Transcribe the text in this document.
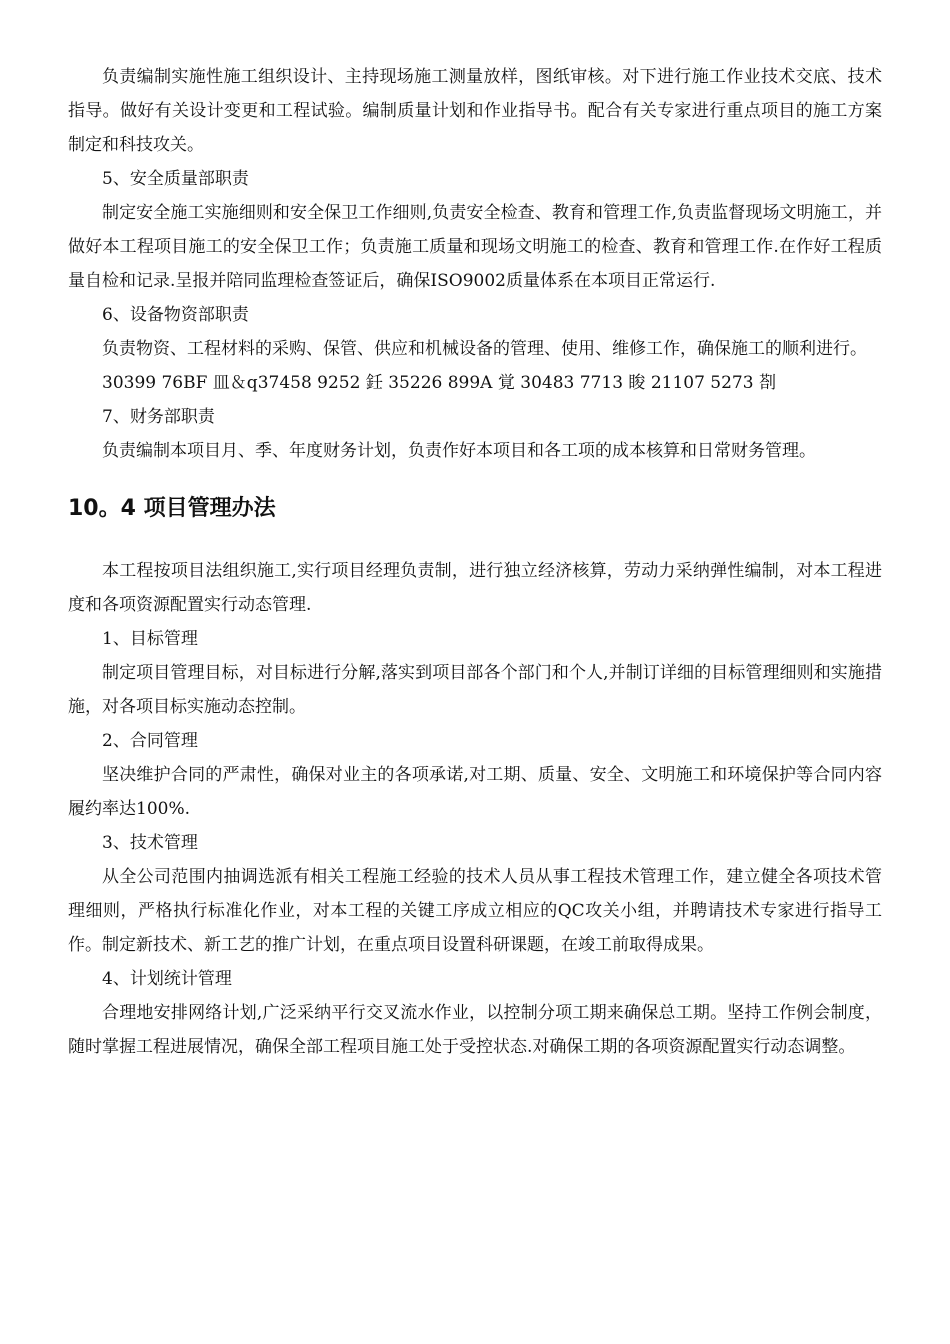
负责编制实施性施工组织设计、主持现场施工测量放样，图纸审核。对下进行施工作业技术交底、技术指导。做好有关设计变更和工程试验。编制质量计划和作业指导书。配合有关专家进行重点项目的施工方案制定和科技攻关。

5、安全质量部职责

制定安全施工实施细则和安全保卫工作细则,负责安全检查、教育和管理工作,负责监督现场文明施工，并做好本工程项目施工的安全保卫工作；负责施工质量和现场文明施工的检查、教育和管理工作.在作好工程质量自检和记录.呈报并陪同监理检查签证后，确保ISO9002质量体系在本项目正常运行.

6、设备物资部职责

负责物资、工程材料的采购、保管、供应和机械设备的管理、使用、维修工作，确保施工的顺利进行。

30399 76BF 皿＆q37458 9252 鈓 35226 899A 覚 30483 7713 睃 21107 5273 剳

7、财务部职责

负责编制本项目月、季、年度财务计划，负责作好本项目和各工项的成本核算和日常财务管理。

10。4 项目管理办法

本工程按项目法组织施工,实行项目经理负责制，进行独立经济核算，劳动力采纳弹性编制，对本工程进度和各项资源配置实行动态管理.

1、目标管理

制定项目管理目标，对目标进行分解,落实到项目部各个部门和个人,并制订详细的目标管理细则和实施措施，对各项目标实施动态控制。

2、合同管理

坚决维护合同的严肃性，确保对业主的各项承诺,对工期、质量、安全、文明施工和环境保护等合同内容履约率达100%.

3、技术管理

从全公司范围内抽调选派有相关工程施工经验的技术人员从事工程技术管理工作，建立健全各项技术管理细则，严格执行标准化作业，对本工程的关键工序成立相应的QC攻关小组，并聘请技术专家进行指导工作。制定新技术、新工艺的推广计划，在重点项目设置科研课题，在竣工前取得成果。

4、计划统计管理

合理地安排网络计划,广泛采纳平行交叉流水作业，以控制分项工期来确保总工期。坚持工作例会制度，随时掌握工程进展情况，确保全部工程项目施工处于受控状态.对确保工期的各项资源配置实行动态调整。
